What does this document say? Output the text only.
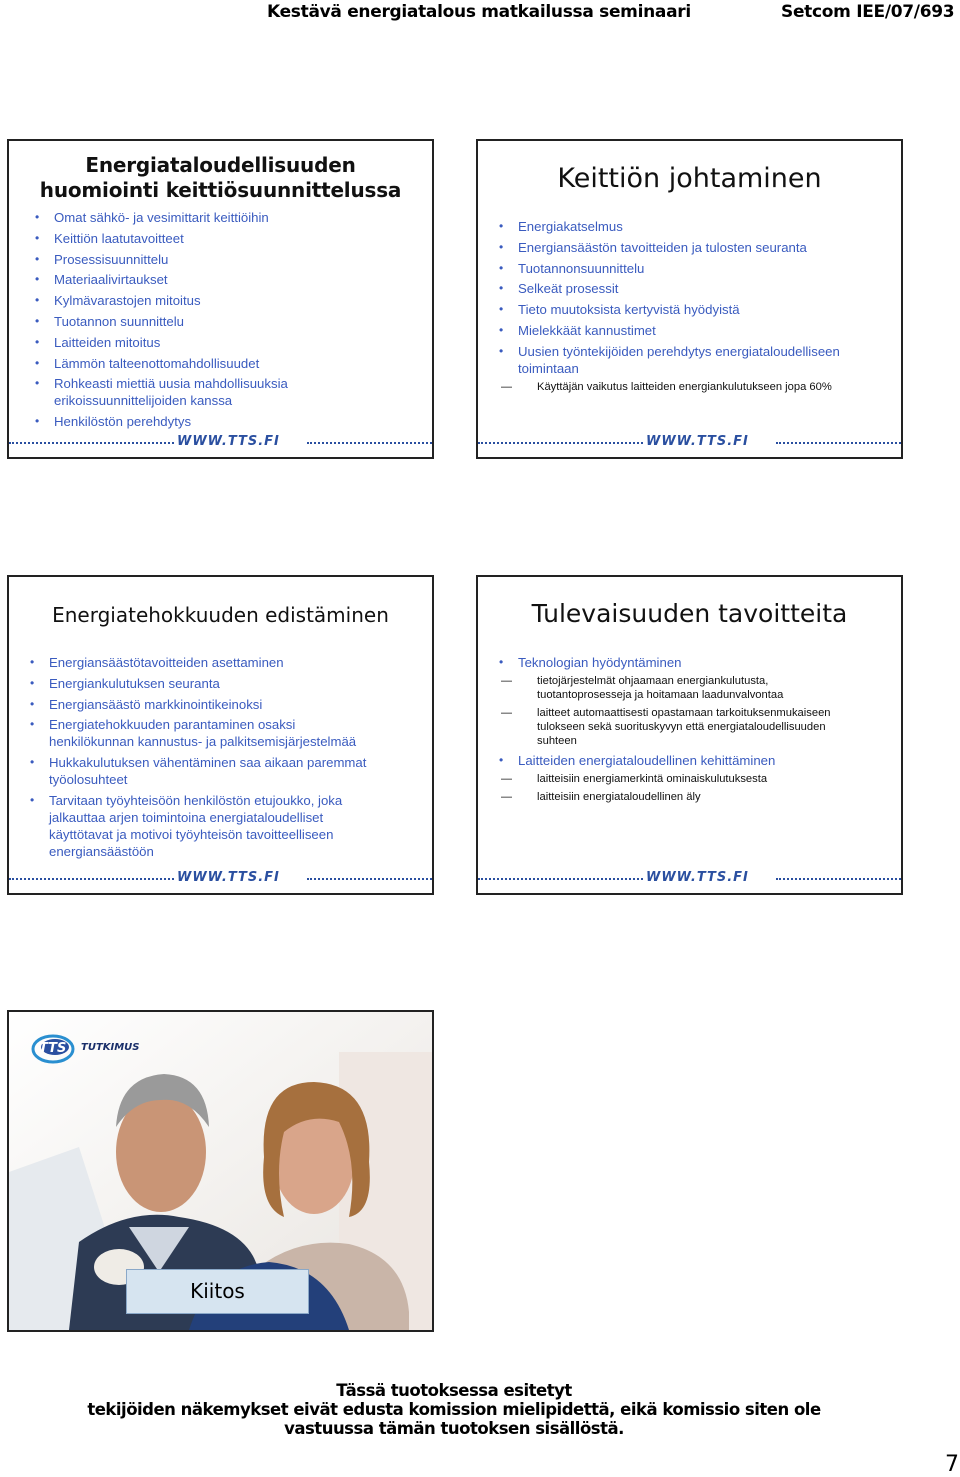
Kestävä energiatalous matkailussa seminaari	Setcom IEE/07/693
Energiataloudellisuuden huomiointi keittiösuunnittelussa
• Omat sähkö- ja vesimittarit keittiöihin
• Keittiön laatutavoitteet
• Prosessisuunnittelu
• Materiaalivirtaukset
• Kylmävarastojen mitoitus
• Tuotannon suunnittelu
• Laitteiden mitoitus
• Lämmön talteenottomahdollisuudet
• Rohkeasti miettiä uusia mahdollisuuksia erikoissuunnittelijoiden kanssa
• Henkilöstön perehdytys
WWW.TTS.FI
Keittiön johtaminen
• Energiakatselmus
• Energiansäästön tavoitteiden ja tulosten seuranta
• Tuotannonsuunnittelu
• Selkeät prosessit
• Tieto muutoksista kertyvistä hyödyistä
• Mielekkäät kannustimet
• Uusien työntekijöiden perehdytys energiataloudelliseen toimintaan
— Käyttäjän vaikutus laitteiden energiankulutukseen jopa 60%
WWW.TTS.FI
Energiatehokkuuden edistäminen
• Energiansäästötavoitteiden asettaminen
• Energiankulutuksen seuranta
• Energiansäästö markkinointikeinoksi
• Energiatehokkuuden parantaminen osaksi henkilökunnan kannustus- ja palkitsemisjärjestelmää
• Hukkakulutuksen vähentäminen saa aikaan paremmat työolosuhteet
• Tarvitaan työyhteisöön henkilöstön etujoukko, joka jalkauttaa arjen toimintoina energiataloudelliset käyttötavat ja motivoi työyhteisön tavoitteelliseen energiansäästöön
WWW.TTS.FI
Tulevaisuuden tavoitteita
• Teknologian hyödyntäminen
— tietojärjestelmät ohjaamaan energiankulutusta, tuotantoprosesseja ja hoitamaan laadunvalvontaa
— laitteet automaattisesti opastamaan tarkoituksenmukaiseen tulokseen sekä suorituskyvyn että energiataloudellisuuden suhteen
• Laitteiden energiataloudellinen kehittäminen
— laitteisiin energiamerkintä ominaiskulutuksesta
— laitteisiin energiataloudellinen äly
WWW.TTS.FI
TTS TUTKIMUS
Kiitos
Tässä tuotoksessa esitetyt
tekijöiden näkemykset eivät edusta komission mielipidettä, eikä komissio siten ole
vastuussa tämän tuotoksen sisällöstä.
7
